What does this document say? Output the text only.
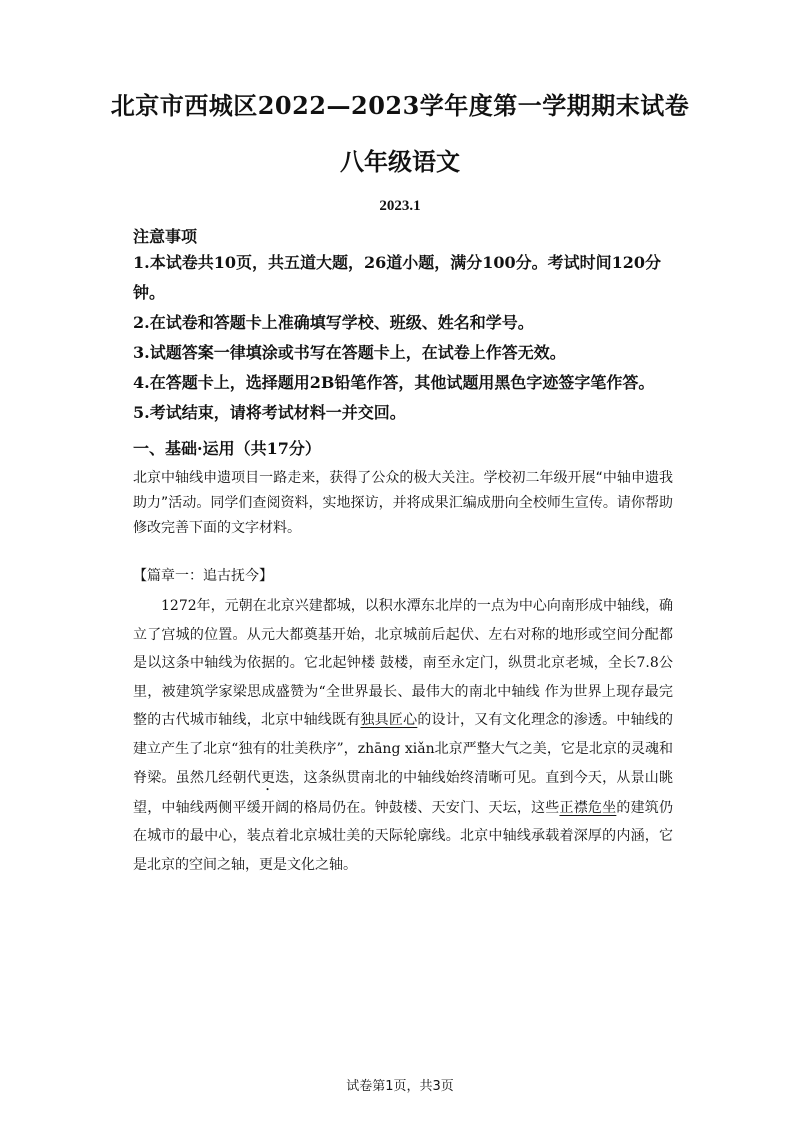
北京市西城区2022—2023学年度第一学期期末试卷
八年级语文
2023.1
注意事项
1.本试卷共10页，共五道大题，26道小题，满分100分。考试时间120分钟。
2.在试卷和答题卡上准确填写学校、班级、姓名和学号。
3.试题答案一律填涂或书写在答题卡上，在试卷上作答无效。
4.在答题卡上，选择题用2B铅笔作答，其他试题用黑色字迹签字笔作答。
5.考试结束，请将考试材料一并交回。
一、基础·运用（共17分）

北京中轴线申遗项目一路走来，获得了公众的极大关注。学校初二年级开展“中轴申遗我助力”活动。同学们查阅资料，实地探访，并将成果汇编成册向全校师生宣传。请你帮助修改完善下面的文字材料。

【篇章一：追古抚今】

1272年，元朝在北京兴建都城，以积水潭东北岸的一点为中心向南形成中轴线，确立了宫城的位置。从元大都奠基开始，北京城前后起伏、左右对称的地形或空间分配都是以这条中轴线为依据的。它北起钟楼 鼓楼，南至永定门，纵贯北京老城，全长7.8公里，被建筑学家梁思成盛赞为“全世界最长、最伟大的南北中轴线 作为世界上现存最完整的古代城市轴线，北京中轴线既有独具匠心的设计，又有文化理念的渗透。中轴线的建立产生了北京“独有的壮美秩序”，zhāng xiǎn北京严整大气之美，它是北京的灵魂和脊梁。虽然几经朝代更迭，这条纵贯南北的中轴线始终清晰可见。直到今天，从景山眺望，中轴线两侧平缓开阔的格局仍在。钟鼓楼、天安门、天坛，这些正襟危坐的建筑仍在城市的最中心，装点着北京城壮美的天际轮廓线。北京中轴线承载着深厚的内涵，它是北京的空间之轴，更是文化之轴。

试卷第1页，共3页
